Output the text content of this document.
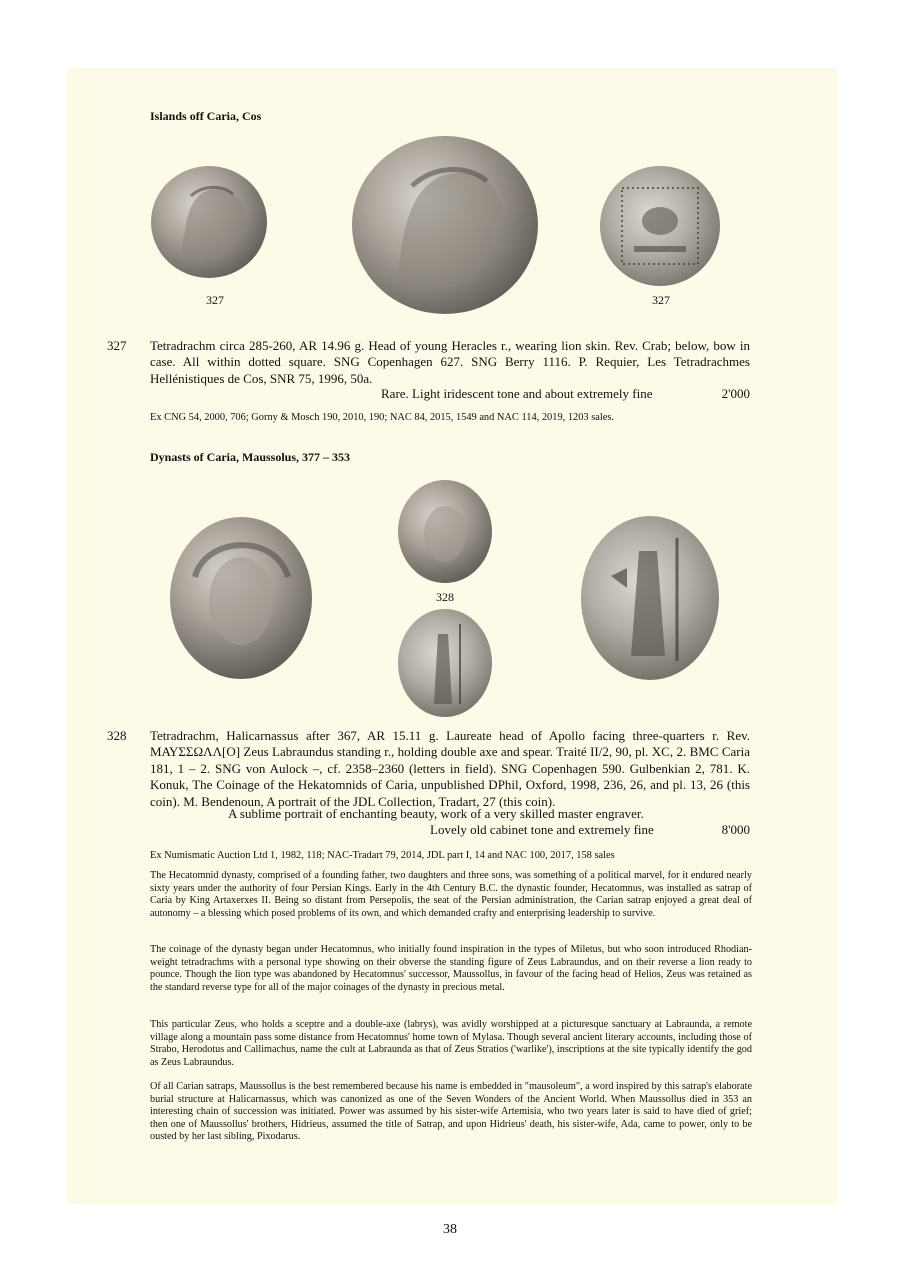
Islands off Caria, Cos
327	327
327 Tetradrachm circa 285-260, AR 14.96 g. Head of young Heracles r., wearing lion skin. Rev. Crab; below, bow in case. All within dotted square. SNG Copenhagen 627. SNG Berry 1116. P. Requier, Les Tetradrachmes Hellénistiques de Cos, SNR 75, 1996, 50a.
Rare. Light iridescent tone and about extremely fine	2'000
Ex CNG 54, 2000, 706; Gorny & Mosch 190, 2010, 190; NAC 84, 2015, 1549 and NAC 114, 2019, 1203 sales.
Dynasts of Caria, Maussolus, 377 – 353
328
328 Tetradrachm, Halicarnassus after 367, AR 15.11 g. Laureate head of Apollo facing three-quarters r. Rev. ΜΑΥΣΣΩΛΛ[Ο] Zeus Labraundus standing r., holding double axe and spear. Traité II/2, 90, pl. XC, 2. BMC Caria 181, 1 – 2. SNG von Aulock –, cf. 2358–2360 (letters in field). SNG Copenhagen 590. Gulbenkian 2, 781. K. Konuk, The Coinage of the Hekatomnids of Caria, unpublished DPhil, Oxford, 1998, 236, 26, and pl. 13, 26 (this coin). M. Bendenoun, A portrait of the JDL Collection, Tradart, 27 (this coin).
A sublime portrait of enchanting beauty, work of a very skilled master engraver.
Lovely old cabinet tone and extremely fine	8'000
Ex Numismatic Auction Ltd 1, 1982, 118; NAC-Tradart 79, 2014, JDL part I, 14 and NAC 100, 2017, 158 sales

The Hecatomnid dynasty, comprised of a founding father, two daughters and three sons, was something of a political marvel, for it endured nearly sixty years under the authority of four Persian Kings. Early in the 4th Century B.C. the dynastic founder, Hecatomnus, was installed as satrap of Caria by King Artaxerxes II. Being so distant from Persepolis, the seat of the Persian administration, the Carian satrap enjoyed a great deal of autonomy – a blessing which posed problems of its own, and which demanded crafty and enterprising leadership to survive.

The coinage of the dynasty began under Hecatomnus, who initially found inspiration in the types of Miletus, but who soon introduced Rhodian-weight tetradrachms with a personal type showing on their obverse the standing figure of Zeus Labraundus, and on their reverse a lion ready to pounce. Though the lion type was abandoned by Hecatomnus' successor, Maussollus, in favour of the facing head of Helios, Zeus was retained as the standard reverse type for all of the major coinages of the dynasty in precious metal.

This particular Zeus, who holds a sceptre and a double-axe (labrys), was avidly worshipped at a picturesque sanctuary at Labraunda, a remote village along a mountain pass some distance from Hecatomnus' home town of Mylasa. Though several ancient literary accounts, including those of Strabo, Herodotus and Callimachus, name the cult at Labraunda as that of Zeus Stratios ('warlike'), inscriptions at the site typically identify the god as Zeus Labraundus.

Of all Carian satraps, Maussollus is the best remembered because his name is embedded in "mausoleum", a word inspired by this satrap's elaborate burial structure at Halicarnassus, which was canonized as one of the Seven Wonders of the Ancient World. When Maussollus died in 353 an interesting chain of succession was initiated. Power was assumed by his sister-wife Artemisia, who two years later is said to have died of grief; then one of Maussollus' brothers, Hidrieus, assumed the title of Satrap, and upon Hidrieus' death, his sister-wife, Ada, came to power, only to be ousted by her last sibling, Pixodarus.

38
